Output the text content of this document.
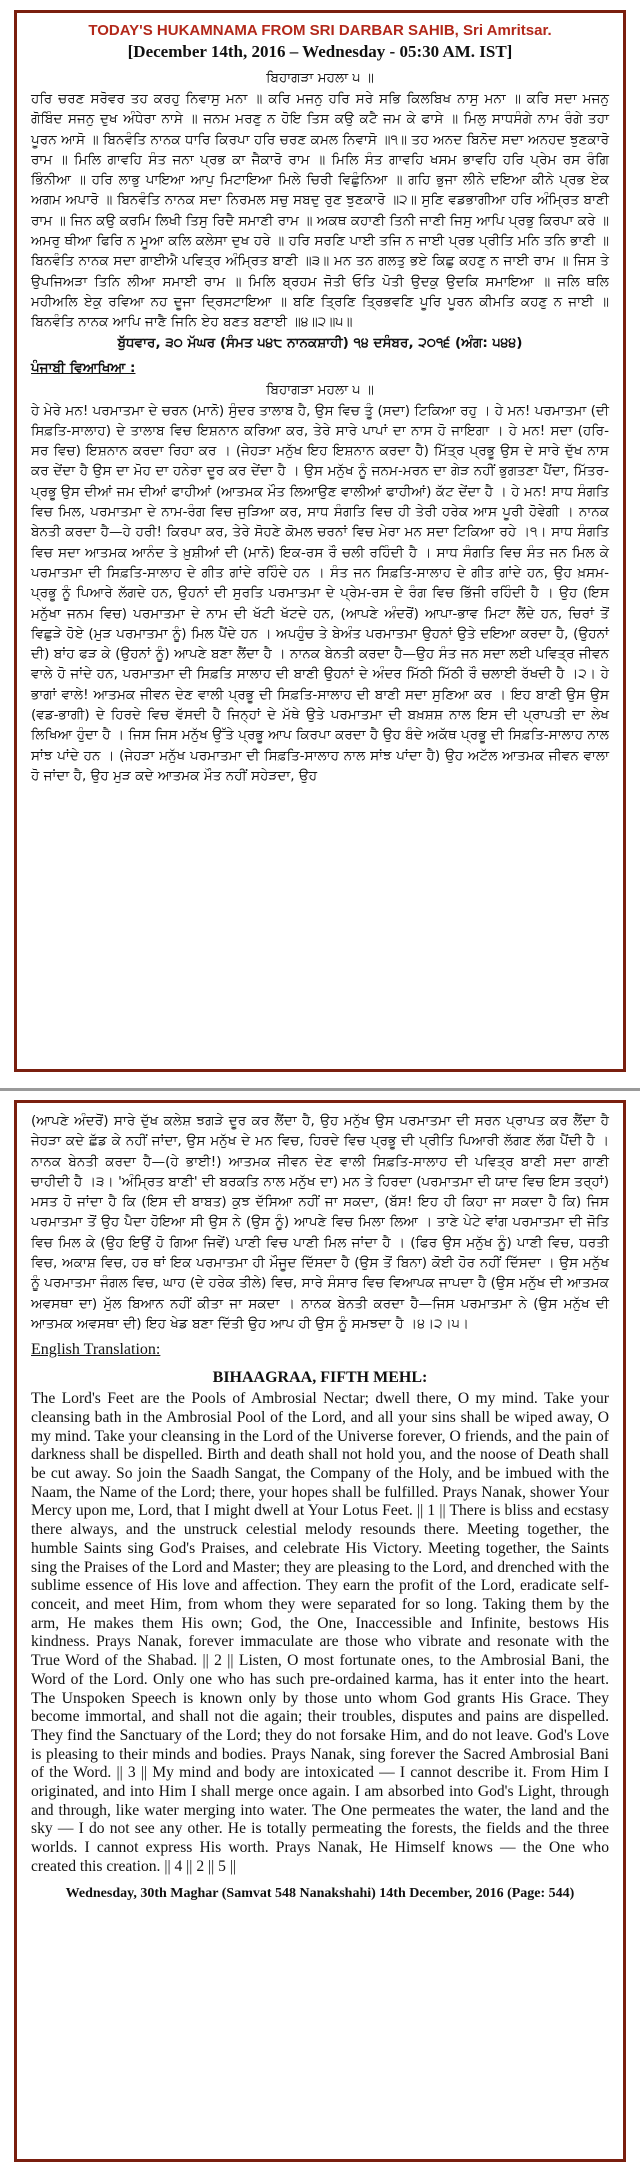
TODAY'S HUKAMNAMA FROM SRI DARBAR SAHIB, Sri Amritsar.
[December 14th, 2016 – Wednesday - 05:30 AM. IST]

ਬਿਹਾਗੜਾ ਮਹਲਾ ੫ ॥

ਹਰਿ ਚਰਣ ਸਰੋਵਰ ਤਹ ਕਰਹੁ ਨਿਵਾਸੁ ਮਨਾ ॥ ਕਰਿ ਮਜਨੁ ਹਰਿ ਸਰੇ ਸਭਿ ਕਿਲਬਿਖ ਨਾਸੁ ਮਨਾ ॥ ਕਰਿ ਸਦਾ ਮਜਨੁ ਗੋਬਿੰਦ ਸਜਨੁ ਦੁਖ ਅੰਧੇਰਾ ਨਾਸੇ ॥ ਜਨਮ ਮਰਣੁ ਨ ਹੋਇ ਤਿਸ ਕਉ ਕਟੈ ਜਮ ਕੇ ਫਾਸੇ ॥ ਮਿਲੁ ਸਾਧਸੰਗੇ ਨਾਮ ਰੰਗੇ ਤਹਾ ਪੂਰਨ ਆਸੋ ॥ ਬਿਨਵੰਤਿ ਨਾਨਕ ਧਾਰਿ ਕਿਰਪਾ ਹਰਿ ਚਰਣ ਕਮਲ ਨਿਵਾਸੋ ॥੧॥ ਤਹ ਅਨਦ ਬਿਨੋਦ ਸਦਾ ਅਨਹਦ ਝੁਣਕਾਰੋ ਰਾਮ ॥ ਮਿਲਿ ਗਾਵਹਿ ਸੰਤ ਜਨਾ ਪ੍ਰਭ ਕਾ ਜੈਕਾਰੋ ਰਾਮ ॥ ਮਿਲਿ ਸੰਤ ਗਾਵਹਿ ਖਸਮ ਭਾਵਹਿ ਹਰਿ ਪ੍ਰੇਮ ਰਸ ਰੰਗਿ ਭਿੰਨੀਆ ॥ ਹਰਿ ਲਾਭੁ ਪਾਇਆ ਆਪੁ ਮਿਟਾਇਆ ਮਿਲੇ ਚਿਰੀ ਵਿਛੁੰਨਿਆ ॥ ਗਹਿ ਭੁਜਾ ਲੀਨੇ ਦਇਆ ਕੀਨੇ ਪ੍ਰਭ ਏਕ ਅਗਮ ਅਪਾਰੋ ॥ ਬਿਨਵੰਤਿ ਨਾਨਕ ਸਦਾ ਨਿਰਮਲ ਸਚੁ ਸਬਦੁ ਰੁਣ ਝੁਣਕਾਰੋ ॥੨॥ ਸੁਣਿ ਵਡਭਾਗੀਆ ਹਰਿ ਅੰਮ੍ਰਿਤ ਬਾਣੀ ਰਾਮ ॥ ਜਿਨ ਕਉ ਕਰਮਿ ਲਿਖੀ ਤਿਸੁ ਰਿਦੈ ਸਮਾਣੀ ਰਾਮ ॥ ਅਕਥ ਕਹਾਣੀ ਤਿਨੀ ਜਾਣੀ ਜਿਸੁ ਆਪਿ ਪ੍ਰਭੁ ਕਿਰਪਾ ਕਰੇ ॥ ਅਮਰੁ ਥੀਆ ਫਿਰਿ ਨ ਮੂਆ ਕਲਿ ਕਲੇਸਾ ਦੁਖ ਹਰੇ ॥ ਹਰਿ ਸਰਣਿ ਪਾਈ ਤਜਿ ਨ ਜਾਈ ਪ੍ਰਭ ਪ੍ਰੀਤਿ ਮਨਿ ਤਨਿ ਭਾਣੀ ॥ ਬਿਨਵੰਤਿ ਨਾਨਕ ਸਦਾ ਗਾਈਐ ਪਵਿਤ੍ਰ ਅੰਮ੍ਰਿਤ ਬਾਣੀ ॥੩॥ ਮਨ ਤਨ ਗਲਤੁ ਭਏ ਕਿਛੁ ਕਹਣੁ ਨ ਜਾਈ ਰਾਮ ॥ ਜਿਸ ਤੇ ਉਪਜਿਅੜਾ ਤਿਨਿ ਲੀਆ ਸਮਾਈ ਰਾਮ ॥ ਮਿਲਿ ਬ੍ਰਹਮ ਜੋਤੀ ਓਤਿ ਪੋਤੀ ਉਦਕੁ ਉਦਕਿ ਸਮਾਇਆ ॥ ਜਲਿ ਥਲਿ ਮਹੀਅਲਿ ਏਕੁ ਰਵਿਆ ਨਹ ਦੂਜਾ ਦ੍ਰਿਸਟਾਇਆ ॥ ਬਣਿ ਤ੍ਰਿਣਿ ਤ੍ਰਿਭਵਣਿ ਪੂਰਿ ਪੂਰਨ ਕੀਮਤਿ ਕਹਣੁ ਨ ਜਾਈ ॥ ਬਿਨਵੰਤਿ ਨਾਨਕ ਆਪਿ ਜਾਣੈ ਜਿਨਿ ਏਹ ਬਣਤ ਬਣਾਈ ॥੪॥੨॥੫॥

ਬੁੱਧਵਾਰ, ੩੦ ਮੱਘਰ (ਸੰਮਤ ੫੪੮ ਨਾਨਕਸ਼ਾਹੀ) ੧੪ ਦਸੰਬਰ, ੨੦੧੬ (ਅੰਗ: ੫੪੪)

ਪੰਜਾਬੀ ਵਿਆਖਿਆ :

ਬਿਹਾਗੜਾ ਮਹਲਾ ੫ ॥

ਹੇ ਮੇਰੇ ਮਨ! ਪਰਮਾਤਮਾ ਦੇ ਚਰਨ (ਮਾਨੋ) ਸੁੰਦਰ ਤਾਲਾਬ ਹੈ, ਉਸ ਵਿਚ ਤੂੰ (ਸਦਾ) ਟਿਕਿਆ ਰਹੁ । ਹੇ ਮਨ! ਪਰਮਾਤਮਾ (ਦੀ ਸਿਫ਼ਤਿ-ਸਾਲਾਹ) ਦੇ ਤਾਲਾਬ ਵਿਚ ਇਸ਼ਨਾਨ ਕਰਿਆ ਕਰ, ਤੇਰੇ ਸਾਰੇ ਪਾਪਾਂ ਦਾ ਨਾਸ ਹੋ ਜਾਇਗਾ । ਹੇ ਮਨ! ਸਦਾ (ਹਰਿ-ਸਰ ਵਿਚ) ਇਸ਼ਨਾਨ ਕਰਦਾ ਰਿਹਾ ਕਰ । (ਜੇਹੜਾ ਮਨੁੱਖ ਇਹ ਇਸ਼ਨਾਨ ਕਰਦਾ ਹੈ) ਮਿੱਤ੍ਰ ਪ੍ਰਭੂ ਉਸ ਦੇ ਸਾਰੇ ਦੁੱਖ ਨਾਸ ਕਰ ਦੇਂਦਾ ਹੈ ਉਸ ਦਾ ਮੋਹ ਦਾ ਹਨੇਰਾ ਦੂਰ ਕਰ ਦੇਂਦਾ ਹੈ । ਉਸ ਮਨੁੱਖ ਨੂੰ ਜਨਮ-ਮਰਨ ਦਾ ਗੇੜ ਨਹੀਂ ਭੁਗਤਣਾ ਪੈਂਦਾ, ਮਿੱਤਰ-ਪ੍ਰਭੂ ਉਸ ਦੀਆਂ ਜਮ ਦੀਆਂ ਫਾਹੀਆਂ (ਆਤਮਕ ਮੌਤ ਲਿਆਉਣ ਵਾਲੀਆਂ ਫਾਹੀਆਂ) ਕੱਟ ਦੇਂਦਾ ਹੈ । ਹੇ ਮਨ! ਸਾਧ ਸੰਗਤਿ ਵਿਚ ਮਿਲ, ਪਰਮਾਤਮਾ ਦੇ ਨਾਮ-ਰੰਗ ਵਿਚ ਜੁੜਿਆ ਕਰ, ਸਾਧ ਸੰਗਤਿ ਵਿਚ ਹੀ ਤੇਰੀ ਹਰੇਕ ਆਸ ਪੂਰੀ ਹੋਵੇਗੀ । ਨਾਨਕ ਬੇਨਤੀ ਕਰਦਾ ਹੈ—ਹੇ ਹਰੀ! ਕਿਰਪਾ ਕਰ, ਤੇਰੇ ਸੋਹਣੇ ਕੋਮਲ ਚਰਨਾਂ ਵਿਚ ਮੇਰਾ ਮਨ ਸਦਾ ਟਿਕਿਆ ਰਹੇ ।੧। ਸਾਧ ਸੰਗਤਿ ਵਿਚ ਸਦਾ ਆਤਮਕ ਆਨੰਦ ਤੇ ਖ਼ੁਸ਼ੀਆਂ ਦੀ (ਮਾਨੋ) ਇਕ-ਰਸ ਰੌ ਚਲੀ ਰਹਿੰਦੀ ਹੈ । ਸਾਧ ਸੰਗਤਿ ਵਿਚ ਸੰਤ ਜਨ ਮਿਲ ਕੇ ਪਰਮਾਤਮਾ ਦੀ ਸਿਫ਼ਤਿ-ਸਾਲਾਹ ਦੇ ਗੀਤ ਗਾਂਦੇ ਰਹਿੰਦੇ ਹਨ । ਸੰਤ ਜਨ ਸਿਫ਼ਤਿ-ਸਾਲਾਹ ਦੇ ਗੀਤ ਗਾਂਦੇ ਹਨ, ਉਹ ਖ਼ਸਮ-ਪ੍ਰਭੂ ਨੂੰ ਪਿਆਰੇ ਲੱਗਦੇ ਹਨ, ਉਹਨਾਂ ਦੀ ਸੁਰਤਿ ਪਰਮਾਤਮਾ ਦੇ ਪ੍ਰੇਮ-ਰਸ ਦੇ ਰੰਗ ਵਿਚ ਭਿੱਜੀ ਰਹਿੰਦੀ ਹੈ । ਉਹ (ਇਸ ਮਨੁੱਖਾ ਜਨਮ ਵਿਚ) ਪਰਮਾਤਮਾ ਦੇ ਨਾਮ ਦੀ ਖੱਟੀ ਖੱਟਦੇ ਹਨ, (ਆਪਣੇ ਅੰਦਰੋਂ) ਆਪਾ-ਭਾਵ ਮਿਟਾ ਲੈਂਦੇ ਹਨ, ਚਿਰਾਂ ਤੋਂ ਵਿਛੁੜੇ ਹੋਏ (ਮੁੜ ਪਰਮਾਤਮਾ ਨੂੰ) ਮਿਲ ਪੈਂਦੇ ਹਨ । ਅਪਹੁੰਚ ਤੇ ਬੇਅੰਤ ਪਰਮਾਤਮਾ ਉਹਨਾਂ ਉਤੇ ਦਇਆ ਕਰਦਾ ਹੈ, (ਉਹਨਾਂ ਦੀ) ਬਾਂਹ ਫੜ ਕੇ (ਉਹਨਾਂ ਨੂੰ) ਆਪਣੇ ਬਣਾ ਲੈਂਦਾ ਹੈ । ਨਾਨਕ ਬੇਨਤੀ ਕਰਦਾ ਹੈ—ਉਹ ਸੰਤ ਜਨ ਸਦਾ ਲਈ ਪਵਿਤ੍ਰ ਜੀਵਨ ਵਾਲੇ ਹੋ ਜਾਂਦੇ ਹਨ, ਪਰਮਾਤਮਾ ਦੀ ਸਿਫ਼ਤਿ ਸਾਲਾਹ ਦੀ ਬਾਣੀ ਉਹਨਾਂ ਦੇ ਅੰਦਰ ਮਿੱਠੀ ਮਿੱਠੀ ਰੌ ਚਲਾਈ ਰੱਖਦੀ ਹੈ ।੨। ਹੇ ਭਾਗਾਂ ਵਾਲੇ! ਆਤਮਕ ਜੀਵਨ ਦੇਣ ਵਾਲੀ ਪ੍ਰਭੂ ਦੀ ਸਿਫ਼ਤਿ-ਸਾਲਾਹ ਦੀ ਬਾਣੀ ਸਦਾ ਸੁਣਿਆ ਕਰ । ਇਹ ਬਾਣੀ ਉਸ ਉਸ (ਵਡ-ਭਾਗੀ) ਦੇ ਹਿਰਦੇ ਵਿਚ ਵੱਸਦੀ ਹੈ ਜਿਨ੍ਹਾਂ ਦੇ ਮੱਥੇ ਉਤੇ ਪਰਮਾਤਮਾ ਦੀ ਬਖ਼ਸ਼ਸ਼ ਨਾਲ ਇਸ ਦੀ ਪ੍ਰਾਪਤੀ ਦਾ ਲੇਖ ਲਿਖਿਆ ਹੁੰਦਾ ਹੈ । ਜਿਸ ਜਿਸ ਮਨੁੱਖ ਉੱਤੇ ਪ੍ਰਭੂ ਆਪ ਕਿਰਪਾ ਕਰਦਾ ਹੈ ਉਹ ਬੰਦੇ ਅਕੱਥ ਪ੍ਰਭੂ ਦੀ ਸਿਫ਼ਤਿ-ਸਾਲਾਹ ਨਾਲ ਸਾਂਝ ਪਾਂਦੇ ਹਨ । (ਜੇਹੜਾ ਮਨੁੱਖ ਪਰਮਾਤਮਾ ਦੀ ਸਿਫ਼ਤਿ-ਸਾਲਾਹ ਨਾਲ ਸਾਂਝ ਪਾਂਦਾ ਹੈ) ਉਹ ਅਟੱਲ ਆਤਮਕ ਜੀਵਨ ਵਾਲਾ ਹੋ ਜਾਂਦਾ ਹੈ, ਉਹ ਮੁੜ ਕਦੇ ਆਤਮਕ ਮੌਤ ਨਹੀਂ ਸਹੇੜਦਾ, ਉਹ

(ਆਪਣੇ ਅੰਦਰੋਂ) ਸਾਰੇ ਦੁੱਖ ਕਲੇਸ਼ ਝਗੜੇ ਦੂਰ ਕਰ ਲੈਂਦਾ ਹੈ, ਉਹ ਮਨੁੱਖ ਉਸ ਪਰਮਾਤਮਾ ਦੀ ਸਰਨ ਪ੍ਰਾਪਤ ਕਰ ਲੈਂਦਾ ਹੈ ਜੇਹੜਾ ਕਦੇ ਛੱਡ ਕੇ ਨਹੀਂ ਜਾਂਦਾ, ਉਸ ਮਨੁੱਖ ਦੇ ਮਨ ਵਿਚ, ਹਿਰਦੇ ਵਿਚ ਪ੍ਰਭੂ ਦੀ ਪ੍ਰੀਤਿ ਪਿਆਰੀ ਲੱਗਣ ਲੱਗ ਪੈਂਦੀ ਹੈ । ਨਾਨਕ ਬੇਨਤੀ ਕਰਦਾ ਹੈ—(ਹੇ ਭਾਈ!) ਆਤਮਕ ਜੀਵਨ ਦੇਣ ਵਾਲੀ ਸਿਫ਼ਤਿ-ਸਾਲਾਹ ਦੀ ਪਵਿਤ੍ਰ ਬਾਣੀ ਸਦਾ ਗਾਣੀ ਚਾਹੀਦੀ ਹੈ ।੩। 'ਅੰਮ੍ਰਿਤ ਬਾਣੀ' ਦੀ ਬਰਕਤਿ ਨਾਲ ਮਨੁੱਖ ਦਾ) ਮਨ ਤੇ ਹਿਰਦਾ (ਪਰਮਾਤਮਾ ਦੀ ਯਾਦ ਵਿਚ ਇਸ ਤਰ੍ਹਾਂ) ਮਸਤ ਹੋ ਜਾਂਦਾ ਹੈ ਕਿ (ਇਸ ਦੀ ਬਾਬਤ) ਕੁਝ ਦੱਸਿਆ ਨਹੀਂ ਜਾ ਸਕਦਾ, (ਬੱਸ! ਇਹ ਹੀ ਕਿਹਾ ਜਾ ਸਕਦਾ ਹੈ ਕਿ) ਜਿਸ ਪਰਮਾਤਮਾ ਤੋਂ ਉਹ ਪੈਦਾ ਹੋਇਆ ਸੀ ਉਸ ਨੇ (ਉਸ ਨੂੰ) ਆਪਣੇ ਵਿਚ ਮਿਲਾ ਲਿਆ । ਤਾਣੇ ਪੇਟੇ ਵਾਂਗ ਪਰਮਾਤਮਾ ਦੀ ਜੋਤਿ ਵਿਚ ਮਿਲ ਕੇ (ਉਹ ਇਉਂ ਹੋ ਗਿਆ ਜਿਵੇਂ) ਪਾਣੀ ਵਿਚ ਪਾਣੀ ਮਿਲ ਜਾਂਦਾ ਹੈ । (ਫਿਰ ਉਸ ਮਨੁੱਖ ਨੂੰ) ਪਾਣੀ ਵਿਚ, ਧਰਤੀ ਵਿਚ, ਅਕਾਸ਼ ਵਿਚ, ਹਰ ਥਾਂ ਇਕ ਪਰਮਾਤਮਾ ਹੀ ਮੌਜੂਦ ਦਿੱਸਦਾ ਹੈ (ਉਸ ਤੋਂ ਬਿਨਾ) ਕੋਈ ਹੋਰ ਨਹੀਂ ਦਿੱਸਦਾ । ਉਸ ਮਨੁੱਖ ਨੂੰ ਪਰਮਾਤਮਾ ਜੰਗਲ ਵਿਚ, ਘਾਹ (ਦੇ ਹਰੇਕ ਤੀਲੇ) ਵਿਚ, ਸਾਰੇ ਸੰਸਾਰ ਵਿਚ ਵਿਆਪਕ ਜਾਪਦਾ ਹੈ (ਉਸ ਮਨੁੱਖ ਦੀ ਆਤਮਕ ਅਵਸਥਾ ਦਾ) ਮੁੱਲ ਬਿਆਨ ਨਹੀਂ ਕੀਤਾ ਜਾ ਸਕਦਾ । ਨਾਨਕ ਬੇਨਤੀ ਕਰਦਾ ਹੈ—ਜਿਸ ਪਰਮਾਤਮਾ ਨੇ (ਉਸ ਮਨੁੱਖ ਦੀ ਆਤਮਕ ਅਵਸਥਾ ਦੀ) ਇਹ ਖੇਡ ਬਣਾ ਦਿੱਤੀ ਉਹ ਆਪ ਹੀ ਉਸ ਨੂੰ ਸਮਝਦਾ ਹੈ ।੪।੨।੫।

English Translation:
BIHAAGRAA, FIFTH MEHL:

The Lord's Feet are the Pools of Ambrosial Nectar; dwell there, O my mind. Take your cleansing bath in the Ambrosial Pool of the Lord, and all your sins shall be wiped away, O my mind. Take your cleansing in the Lord of the Universe forever, O friends, and the pain of darkness shall be dispelled. Birth and death shall not hold you, and the noose of Death shall be cut away. So join the Saadh Sangat, the Company of the Holy, and be imbued with the Naam, the Name of the Lord; there, your hopes shall be fulfilled. Prays Nanak, shower Your Mercy upon me, Lord, that I might dwell at Your Lotus Feet. || 1 || There is bliss and ecstasy there always, and the unstruck celestial melody resounds there. Meeting together, the humble Saints sing God's Praises, and celebrate His Victory. Meeting together, the Saints sing the Praises of the Lord and Master; they are pleasing to the Lord, and drenched with the sublime essence of His love and affection. They earn the profit of the Lord, eradicate self-conceit, and meet Him, from whom they were separated for so long. Taking them by the arm, He makes them His own; God, the One, Inaccessible and Infinite, bestows His kindness. Prays Nanak, forever immaculate are those who vibrate and resonate with the True Word of the Shabad. || 2 || Listen, O most fortunate ones, to the Ambrosial Bani, the Word of the Lord. Only one who has such pre-ordained karma, has it enter into the heart. The Unspoken Speech is known only by those unto whom God grants His Grace. They become immortal, and shall not die again; their troubles, disputes and pains are dispelled. They find the Sanctuary of the Lord; they do not forsake Him, and do not leave. God's Love is pleasing to their minds and bodies. Prays Nanak, sing forever the Sacred Ambrosial Bani of the Word. || 3 || My mind and body are intoxicated — I cannot describe it. From Him I originated, and into Him I shall merge once again. I am absorbed into God's Light, through and through, like water merging into water. The One permeates the water, the land and the sky — I do not see any other. He is totally permeating the forests, the fields and the three worlds. I cannot express His worth. Prays Nanak, He Himself knows — the One who created this creation. || 4 || 2 || 5 ||

Wednesday, 30th Maghar (Samvat 548 Nanakshahi) 14th December, 2016 (Page: 544)
